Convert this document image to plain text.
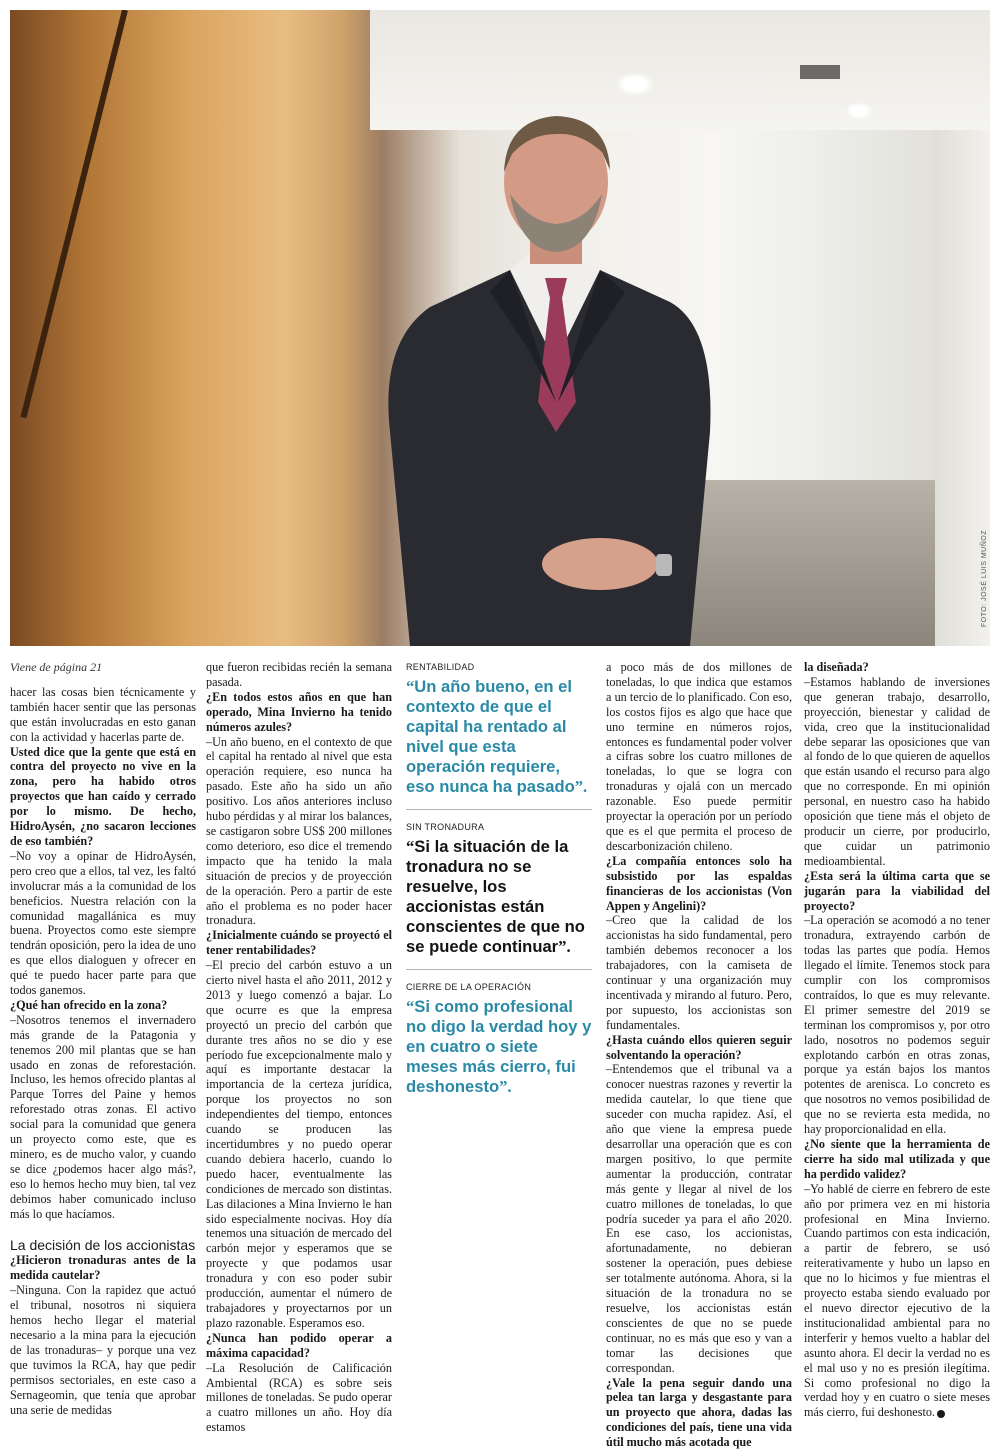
FOTO: JOSÉ LUIS MUÑOZ

Viene de página 21

hacer las cosas bien técnicamente y también hacer sentir que las personas que están involucradas en esto ganan con la actividad y hacerlas parte de.

Usted dice que la gente que está en contra del proyecto no vive en la zona, pero ha habido otros proyectos que han caído y cerrado por lo mismo. De hecho, HidroAysén, ¿no sacaron lecciones de eso también?

–No voy a opinar de HidroAysén, pero creo que a ellos, tal vez, les faltó involucrar más a la comunidad de los beneficios. Nuestra relación con la comunidad magallánica es muy buena. Proyectos como este siempre tendrán oposición, pero la idea de uno es que ellos dialoguen y ofrecer en qué te puedo hacer parte para que todos ganemos.

¿Qué han ofrecido en la zona?

–Nosotros tenemos el invernadero más grande de la Patagonia y tenemos 200 mil plantas que se han usado en zonas de reforestación. Incluso, les hemos ofrecido plantas al Parque Torres del Paine y hemos reforestado otras zonas. El activo social para la comunidad que genera un proyecto como este, que es minero, es de mucho valor, y cuando se dice ¿podemos hacer algo más?, eso lo hemos hecho muy bien, tal vez debimos haber comunicado incluso más lo que hacíamos.

La decisión de los accionistas

¿Hicieron tronaduras antes de la medida cautelar?

–Ninguna. Con la rapidez que actuó el tribunal, nosotros ni siquiera hemos hecho llegar el material necesario a la mina para la ejecución de las tronaduras– y porque una vez que tuvimos la RCA, hay que pedir permisos sectoriales, en este caso a Sernageomin, que tenía que aprobar una serie de medidas

que fueron recibidas recién la semana pasada.

¿En todos estos años en que han operado, Mina Invierno ha tenido números azules?

–Un año bueno, en el contexto de que el capital ha rentado al nivel que esta operación requiere, eso nunca ha pasado. Este año ha sido un año positivo. Los años anteriores incluso hubo pérdidas y al mirar los balances, se castigaron sobre US$ 200 millones como deterioro, eso dice el tremendo impacto que ha tenido la mala situación de precios y de proyección de la operación. Pero a partir de este año el problema es no poder hacer tronadura.

¿Inicialmente cuándo se proyectó el tener rentabilidades?

–El precio del carbón estuvo a un cierto nivel hasta el año 2011, 2012 y 2013 y luego comenzó a bajar. Lo que ocurre es que la empresa proyectó un precio del carbón que durante tres años no se dio y ese período fue excepcionalmente malo y aquí es importante destacar la importancia de la certeza jurídica, porque los proyectos no son independientes del tiempo, entonces cuando se producen las incertidumbres y no puedo operar cuando debiera hacerlo, cuando lo puedo hacer, eventualmente las condiciones de mercado son distintas. Las dilaciones a Mina Invierno le han sido especialmente nocivas. Hoy día tenemos una situación de mercado del carbón mejor y esperamos que se proyecte y que podamos usar tronadura y con eso poder subir producción, aumentar el número de trabajadores y proyectarnos por un plazo razonable. Esperamos eso.

¿Nunca han podido operar a máxima capacidad?

–La Resolución de Calificación Ambiental (RCA) es sobre seis millones de toneladas. Se pudo operar a cuatro millones un año. Hoy día estamos

RENTABILIDAD
“Un año bueno, en el contexto de que el capital ha rentado al nivel que esta operación requiere, eso nunca ha pasado”.
SIN TRONADURA
“Si la situación de la tronadura no se resuelve, los accionistas están conscientes de que no se puede continuar”.
CIERRE DE LA OPERACIÓN
“Si como profesional no digo la verdad hoy y en cuatro o siete meses más cierro, fui deshonesto”.

a poco más de dos millones de toneladas, lo que indica que estamos a un tercio de lo planificado. Con eso, los costos fijos es algo que hace que uno termine en números rojos, entonces es fundamental poder volver a cifras sobre los cuatro millones de toneladas, lo que se logra con tronaduras y ojalá con un mercado razonable. Eso puede permitir proyectar la operación por un período que es el que permita el proceso de descarbonización chileno.

¿La compañía entonces solo ha subsistido por las espaldas financieras de los accionistas (Von Appen y Angelini)?

–Creo que la calidad de los accionistas ha sido fundamental, pero también debemos reconocer a los trabajadores, con la camiseta de continuar y una organización muy incentivada y mirando al futuro. Pero, por supuesto, los accionistas son fundamentales.

¿Hasta cuándo ellos quieren seguir solventando la operación?

–Entendemos que el tribunal va a conocer nuestras razones y revertir la medida cautelar, lo que tiene que suceder con mucha rapidez. Así, el año que viene la empresa puede desarrollar una operación que es con margen positivo, lo que permite aumentar la producción, contratar más gente y llegar al nivel de los cuatro millones de toneladas, lo que podría suceder ya para el año 2020. En ese caso, los accionistas, afortunadamente, no debieran sostener la operación, pues debiese ser totalmente autónoma. Ahora, si la situación de la tronadura no se resuelve, los accionistas están conscientes de que no se puede continuar, no es más que eso y van a tomar las decisiones que correspondan.

¿Vale la pena seguir dando una pelea tan larga y desgastante para un proyecto que ahora, dadas las condiciones del país, tiene una vida útil mucho más acotada que

la diseñada?

–Estamos hablando de inversiones que generan trabajo, desarrollo, proyección, bienestar y calidad de vida, creo que la institucionalidad debe separar las oposiciones que van al fondo de lo que quieren de aquellos que están usando el recurso para algo que no corresponde. En mi opinión personal, en nuestro caso ha habido oposición que tiene más el objeto de producir un cierre, por producirlo, que cuidar un patrimonio medioambiental.

¿Esta será la última carta que se jugarán para la viabilidad del proyecto?

–La operación se acomodó a no tener tronadura, extrayendo carbón de todas las partes que podía. Hemos llegado el límite. Tenemos stock para cumplir con los compromisos contraídos, lo que es muy relevante. El primer semestre del 2019 se terminan los compromisos y, por otro lado, nosotros no podemos seguir explotando carbón en otras zonas, porque ya están bajos los mantos potentes de arenisca. Lo concreto es que nosotros no vemos posibilidad de que no se revierta esta medida, no hay proporcionalidad en ella.

¿No siente que la herramienta de cierre ha sido mal utilizada y que ha perdido validez?

–Yo hablé de cierre en febrero de este año por primera vez en mi historia profesional en Mina Invierno. Cuando partimos con esta indicación, a partir de febrero, se usó reiterativamente y hubo un lapso en que no lo hicimos y fue mientras el proyecto estaba siendo evaluado por el nuevo director ejecutivo de la institucionalidad ambiental para no interferir y hemos vuelto a hablar del asunto ahora. El decir la verdad no es el mal uso y no es presión ilegítima. Si como profesional no digo la verdad hoy y en cuatro o siete meses más cierro, fui deshonesto.
